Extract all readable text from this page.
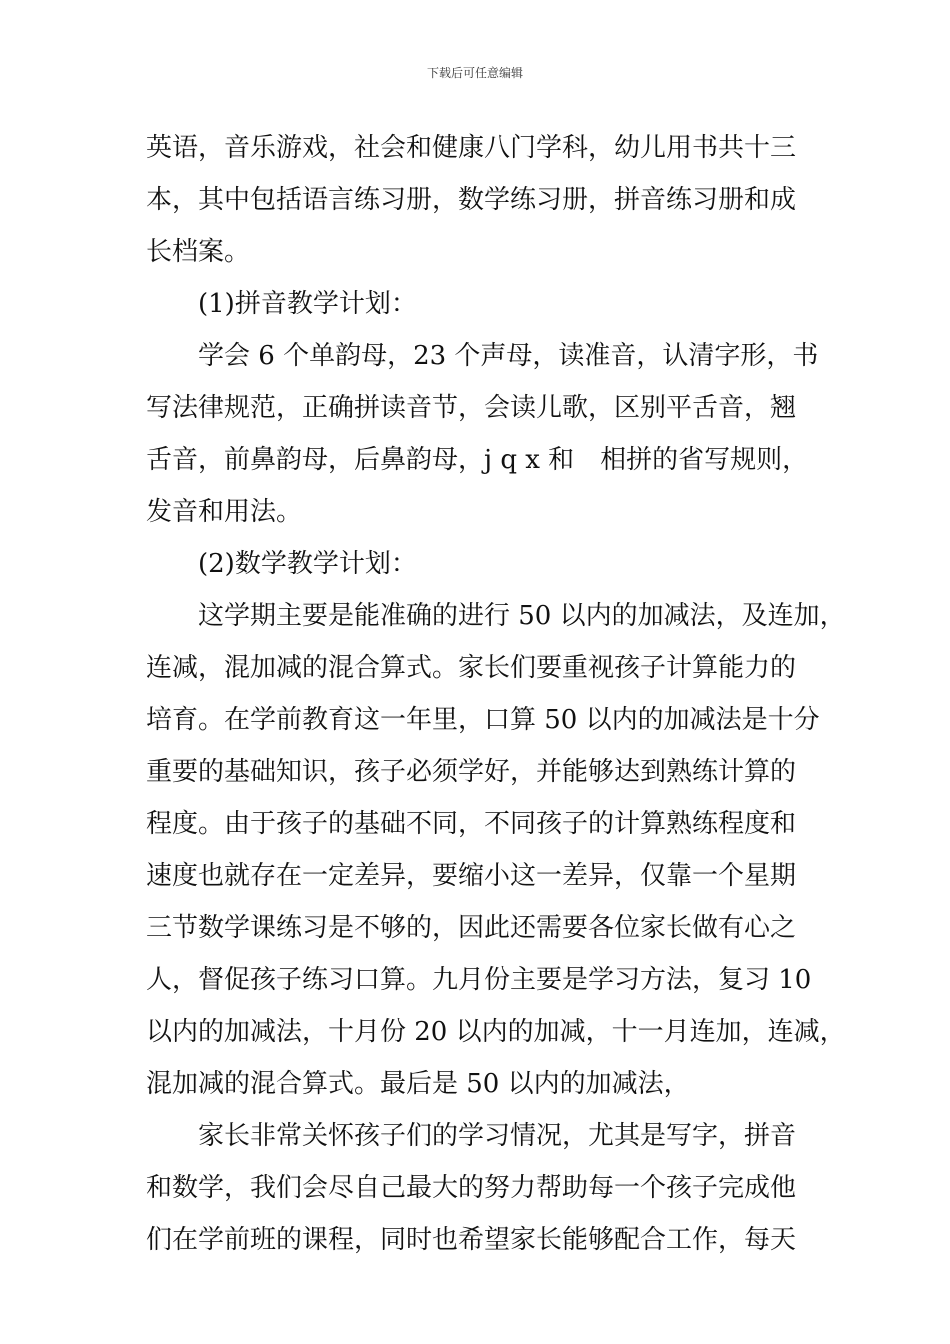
下载后可任意编辑
英语，音乐游戏，社会和健康八门学科，幼儿用书共十三
本，其中包括语言练习册，数学练习册，拼音练习册和成
长档案。
(1)拼音教学计划：
学会 6 个单韵母，23 个声母，读准音，认清字形，书
写法律规范，正确拼读音节，会读儿歌，区别平舌音，翘
舌音，前鼻韵母，后鼻韵母，j q x 和　相拼的省写规则，
发音和用法。
(2)数学教学计划：
这学期主要是能准确的进行 50 以内的加减法，及连加，
连减，混加减的混合算式。家长们要重视孩子计算能力的
培育。在学前教育这一年里，口算 50 以内的加减法是十分
重要的基础知识，孩子必须学好，并能够达到熟练计算的
程度。由于孩子的基础不同，不同孩子的计算熟练程度和
速度也就存在一定差异，要缩小这一差异，仅靠一个星期
三节数学课练习是不够的，因此还需要各位家长做有心之
人，督促孩子练习口算。九月份主要是学习方法，复习 10
以内的加减法，十月份 20 以内的加减，十一月连加，连减，
混加减的混合算式。最后是 50 以内的加减法，
家长非常关怀孩子们的学习情况，尤其是写字，拼音
和数学，我们会尽自己最大的努力帮助每一个孩子完成他
们在学前班的课程，同时也希望家长能够配合工作，每天
